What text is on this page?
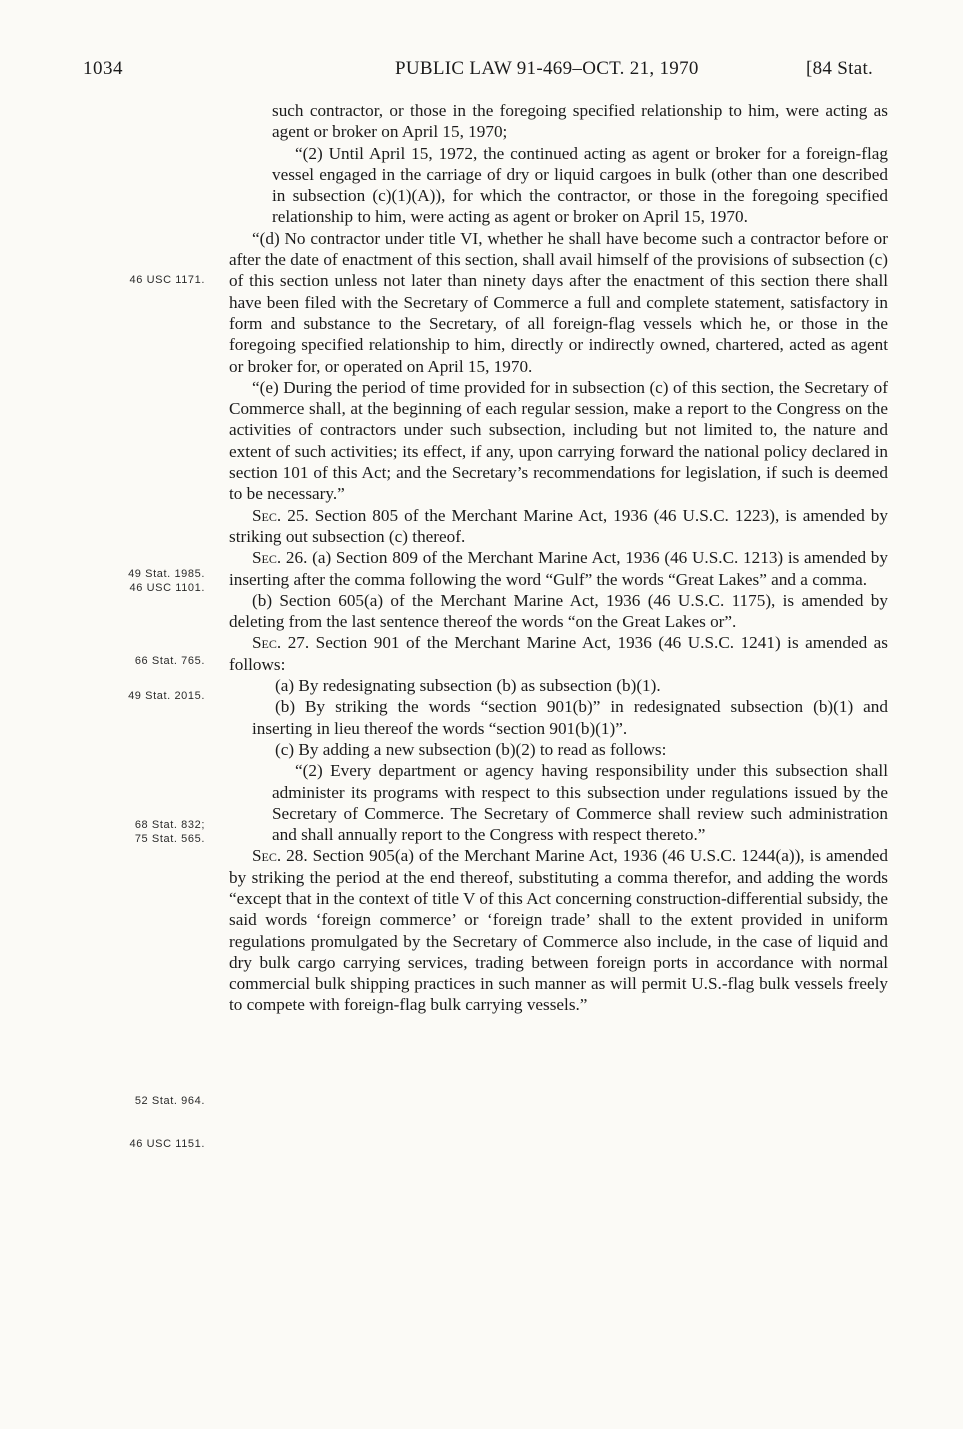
1034	PUBLIC LAW 91-469–OCT. 21, 1970	[84 Stat.
46 USC 1171.
49 Stat. 1985.
46 USC 1101.
66 Stat. 765.
49 Stat. 2015.
68 Stat. 832;
75 Stat. 565.
52 Stat. 964.
46 USC 1151.

such contractor, or those in the foregoing specified relationship to him, were acting as agent or broker on April 15, 1970;

“(2) Until April 15, 1972, the continued acting as agent or broker for a foreign-flag vessel engaged in the carriage of dry or liquid cargoes in bulk (other than one described in subsection (c)(1)(A)), for which the contractor, or those in the foregoing specified relationship to him, were acting as agent or broker on April 15, 1970.

“(d) No contractor under title VI, whether he shall have become such a contractor before or after the date of enactment of this section, shall avail himself of the provisions of subsection (c) of this section unless not later than ninety days after the enactment of this section there shall have been filed with the Secretary of Commerce a full and complete statement, satisfactory in form and substance to the Secretary, of all foreign-flag vessels which he, or those in the foregoing specified relationship to him, directly or indirectly owned, chartered, acted as agent or broker for, or operated on April 15, 1970.

“(e) During the period of time provided for in subsection (c) of this section, the Secretary of Commerce shall, at the beginning of each regular session, make a report to the Congress on the activities of contractors under such subsection, including but not limited to, the nature and extent of such activities; its effect, if any, upon carrying forward the national policy declared in section 101 of this Act; and the Secretary’s recommendations for legislation, if such is deemed to be necessary.”

Sec. 25. Section 805 of the Merchant Marine Act, 1936 (46 U.S.C. 1223), is amended by striking out subsection (c) thereof.

Sec. 26. (a) Section 809 of the Merchant Marine Act, 1936 (46 U.S.C. 1213) is amended by inserting after the comma following the word “Gulf” the words “Great Lakes” and a comma.

(b) Section 605(a) of the Merchant Marine Act, 1936 (46 U.S.C. 1175), is amended by deleting from the last sentence thereof the words “on the Great Lakes or”.

Sec. 27. Section 901 of the Merchant Marine Act, 1936 (46 U.S.C. 1241) is amended as follows:

(a) By redesignating subsection (b) as subsection (b)(1).

(b) By striking the words “section 901(b)” in redesignated subsection (b)(1) and inserting in lieu thereof the words “section 901(b)(1)”.

(c) By adding a new subsection (b)(2) to read as follows:

“(2) Every department or agency having responsibility under this subsection shall administer its programs with respect to this subsection under regulations issued by the Secretary of Commerce. The Secretary of Commerce shall review such administration and shall annually report to the Congress with respect thereto.”

Sec. 28. Section 905(a) of the Merchant Marine Act, 1936 (46 U.S.C. 1244(a)), is amended by striking the period at the end thereof, substituting a comma therefor, and adding the words “except that in the context of title V of this Act concerning construction-differential subsidy, the said words ‘foreign commerce’ or ‘foreign trade’ shall to the extent provided in uniform regulations promulgated by the Secretary of Commerce also include, in the case of liquid and dry bulk cargo carrying services, trading between foreign ports in accordance with normal commercial bulk shipping practices in such manner as will permit U.S.-flag bulk vessels freely to compete with foreign-flag bulk carrying vessels.”
